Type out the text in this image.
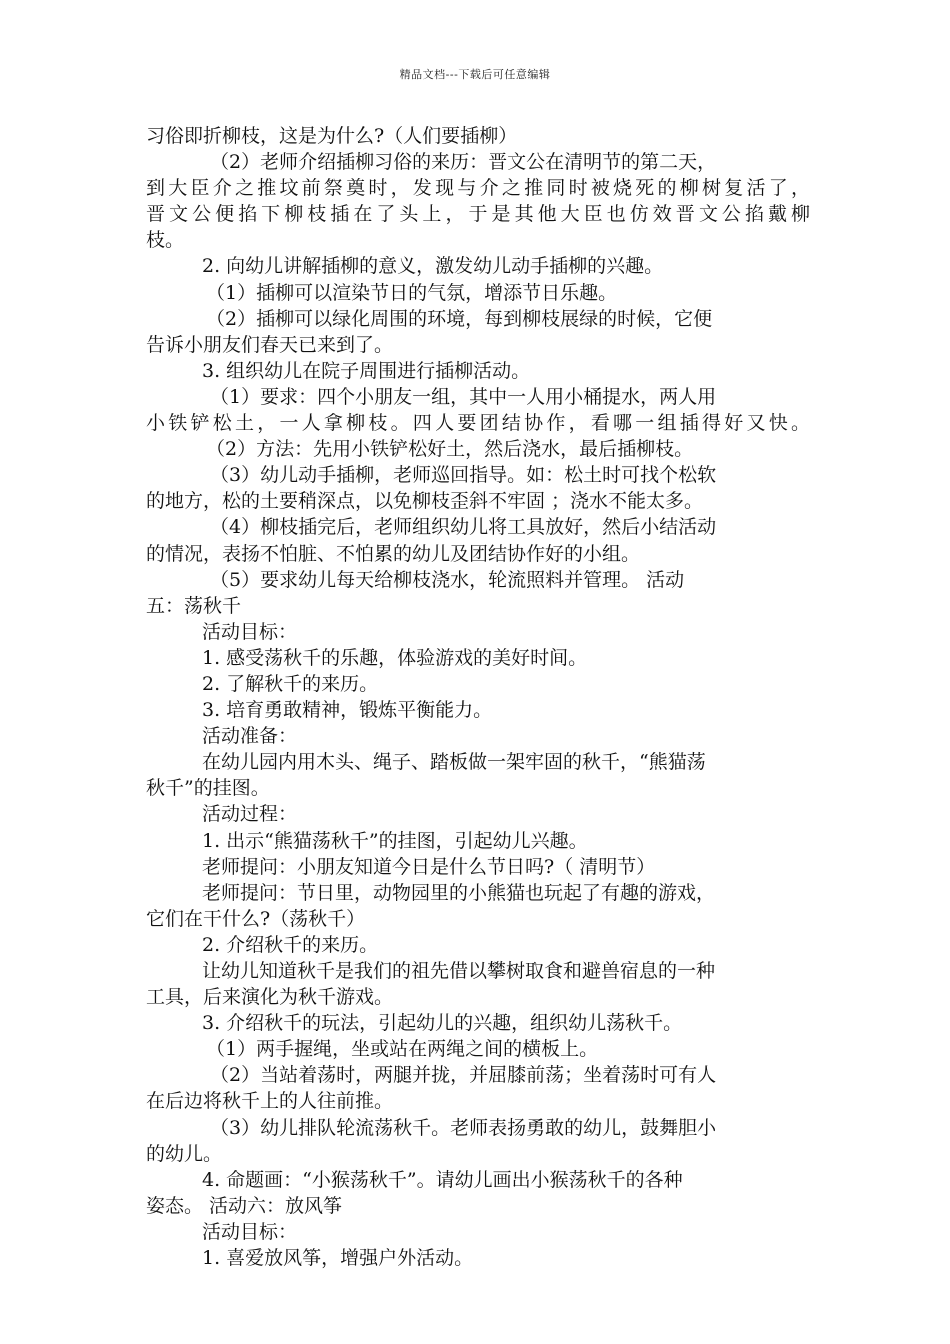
精品文档---下载后可任意编辑
习俗即折柳枝，这是为什么?（人们要插柳）
（2）老师介绍插柳习俗的来历：晋文公在清明节的第二天，
到大臣介之推坟前祭奠时，发现与介之推同时被烧死的柳树复活了，
晋文公便掐下柳枝插在了头上，于是其他大臣也仿效晋文公掐戴柳
枝。
2. 向幼儿讲解插柳的意义，激发幼儿动手插柳的兴趣。
（1）插柳可以渲染节日的气氛，增添节日乐趣。
（2）插柳可以绿化周围的环境，每到柳枝展绿的时候，它便
告诉小朋友们春天已来到了。
3. 组织幼儿在院子周围进行插柳活动。
（1）要求：四个小朋友一组，其中一人用小桶提水，两人用
小铁铲松土，一人拿柳枝。四人要团结协作，看哪一组插得好又快。
（2）方法：先用小铁铲松好土，然后浇水，最后插柳枝。
（3）幼儿动手插柳，老师巡回指导。如：松土时可找个松软
的地方，松的土要稍深点，以免柳枝歪斜不牢固 ；浇水不能太多。
（4）柳枝插完后，老师组织幼儿将工具放好，然后小结活动
的情况，表扬不怕脏、不怕累的幼儿及团结协作好的小组。
（5）要求幼儿每天给柳枝浇水，轮流照料并管理。 活动
五：荡秋千
活动目标：
1. 感受荡秋千的乐趣，体验游戏的美好时间。
2. 了解秋千的来历。
3. 培育勇敢精神，锻炼平衡能力。
活动准备：
在幼儿园内用木头、绳子、踏板做一架牢固的秋千，“熊猫荡
秋千”的挂图。
活动过程：
1. 出示“熊猫荡秋千”的挂图，引起幼儿兴趣。
老师提问：小朋友知道今日是什么节日吗?（ 清明节）
老师提问：节日里，动物园里的小熊猫也玩起了有趣的游戏，
它们在干什么?（荡秋千）
2. 介绍秋千的来历。
让幼儿知道秋千是我们的祖先借以攀树取食和避兽宿息的一种
工具，后来演化为秋千游戏。
3. 介绍秋千的玩法，引起幼儿的兴趣，组织幼儿荡秋千。
（1）两手握绳，坐或站在两绳之间的横板上。
（2）当站着荡时，两腿并拢，并屈膝前荡；坐着荡时可有人
在后边将秋千上的人往前推。
（3）幼儿排队轮流荡秋千。老师表扬勇敢的幼儿，鼓舞胆小
的幼儿。
4. 命题画：“小猴荡秋千”。请幼儿画出小猴荡秋千的各种
姿态。 活动六：放风筝
活动目标：
1. 喜爱放风筝，增强户外活动。
